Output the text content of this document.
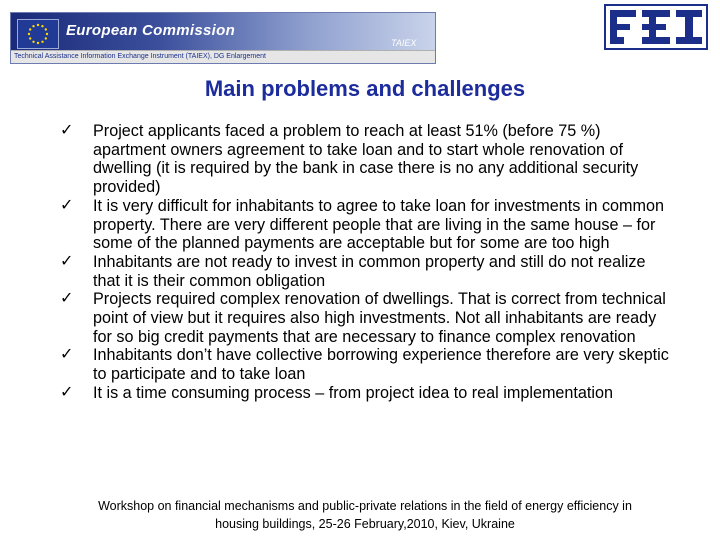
European Commission
TAIEX
Technical Assistance Information Exchange Instrument (TAIEX), DG Enlargement
Main problems and challenges
✓ Project applicants faced a problem to reach at least 51% (before 75 %) apartment owners agreement to take loan and to start whole renovation of dwelling (it is required by the bank in case there is no any additional security provided)
✓ It is very difficult for inhabitants to agree to take loan for investments in common property. There are very different people that are living in the same house – for some of the planned payments are acceptable but for some are too high
✓ Inhabitants are not ready to invest in common property and still do not realize that it is their common obligation
✓ Projects required complex renovation of dwellings. That is correct from technical point of view but it requires also high investments. Not all inhabitants are ready for so big credit payments that are necessary to finance complex renovation
✓ Inhabitants don’t have collective borrowing experience therefore are very skeptic to participate and to take loan
✓ It is a time consuming process – from project idea to real implementation
Workshop on financial mechanisms and public-private relations in the field of energy efficiency in
housing buildings, 25-26 February,2010, Kiev, Ukraine
